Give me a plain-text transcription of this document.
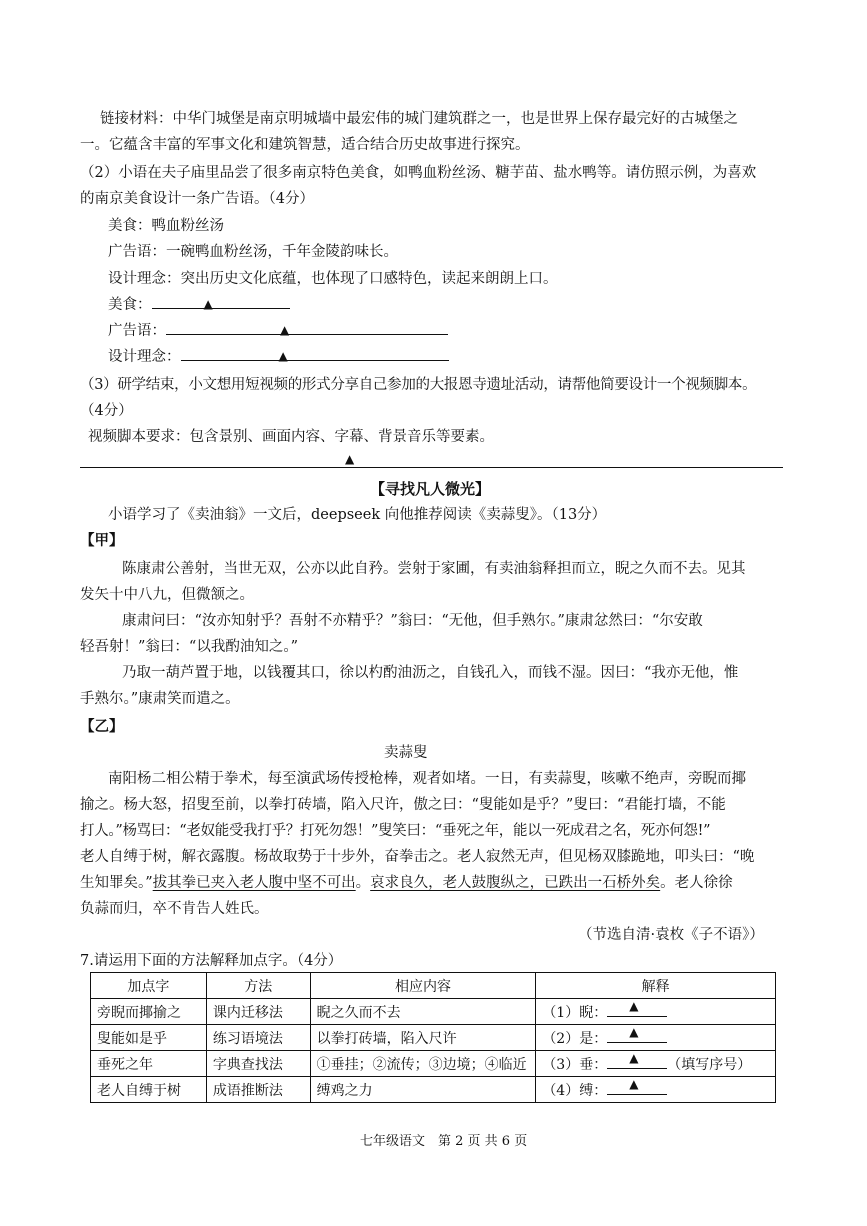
链接材料：中华门城堡是南京明城墙中最宏伟的城门建筑群之一，也是世界上保存最完好的古城堡之
一。它蕴含丰富的军事文化和建筑智慧，适合结合历史故事进行探究。
（2）小语在夫子庙里品尝了很多南京特色美食，如鸭血粉丝汤、糖芋苗、盐水鸭等。请仿照示例，为喜欢
的南京美食设计一条广告语。（4分）
美食：鸭血粉丝汤
广告语：一碗鸭血粉丝汤，千年金陵韵味长。
设计理念：突出历史文化底蕴，也体现了口感特色，读起来朗朗上口。
美食：	▲
广告语：	▲
设计理念：	▲
（3）研学结束，小文想用短视频的形式分享自己参加的大报恩寺遗址活动，请帮他简要设计一个视频脚本。
（4分）
视频脚本要求：包含景别、画面内容、字幕、背景音乐等要素。
▲
【寻找凡人微光】
小语学习了《卖油翁》一文后，deepseek 向他推荐阅读《卖蒜叟》。（13分）
【甲】
陈康肃公善射，当世无双，公亦以此自矜。尝射于家圃，有卖油翁释担而立，睨之久而不去。见其
发矢十中八九，但微颔之。
康肃问曰：“汝亦知射乎？吾射不亦精乎？”翁曰：“无他，但手熟尔。”康肃忿然曰：“尔安敢
轻吾射！”翁曰：“以我酌油知之。”
乃取一葫芦置于地，以钱覆其口，徐以杓酌油沥之，自钱孔入，而钱不湿。因曰：“我亦无他，惟
手熟尔。”康肃笑而遣之。
【乙】
卖蒜叟
南阳杨二相公精于拳术，每至演武场传授枪棒，观者如堵。一日，有卖蒜叟，咳嗽不绝声，旁睨而揶
揄之。杨大怒，招叟至前，以拳打砖墙，陷入尺许，傲之曰：“叟能如是乎？”叟曰：“君能打墙，不能
打人。”杨骂曰：“老奴能受我打乎？打死勿怨！”叟笑曰：“垂死之年，能以一死成君之名，死亦何怨!”
老人自缚于树，解衣露腹。杨故取势于十步外，奋拳击之。老人寂然无声，但见杨双膝跪地，叩头曰：“晚
生知罪矣。”拔其拳已夹入老人腹中坚不可出。哀求良久，老人鼓腹纵之，已跌出一石桥外矣。老人徐徐
负蒜而归，卒不肯告人姓氏。
（节选自清·袁枚《子不语》）
7.请运用下面的方法解释加点字。（4分）
加点字	方法	相应内容	解释
旁睨而揶揄之	课内迁移法	睨之久而不去	（1）睨： ▲

叟能如是乎	练习语境法	以拳打砖墙，陷入尺许	（2）是： ▲

垂死之年	字典查找法	①垂挂；②流传；③边境；④临近	（3）垂： ▲ （填写序号）
老人自缚于树	成语推断法	缚鸡之力	（4）缚： ▲
七年级语文　第 2 页 共 6 页
